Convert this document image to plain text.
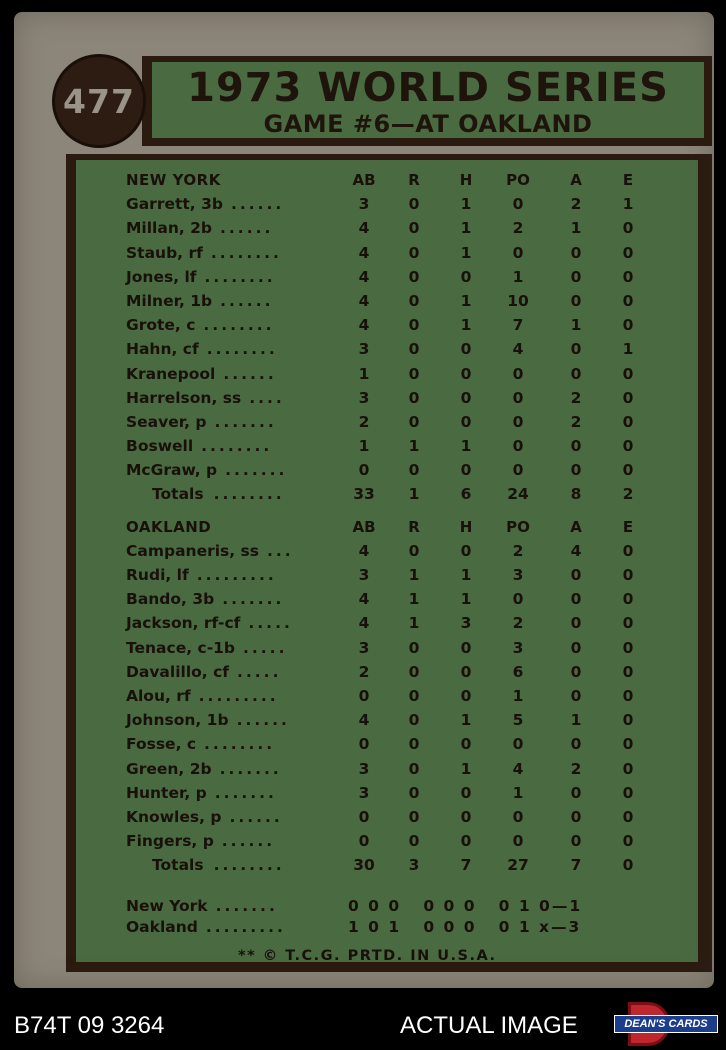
477 1973 WORLD SERIES
GAME #6—AT OAKLAND
NEW YORK	AB	R	H	PO	A	E
Garrett, 3b ......	3	0	1	0	2	1
Millan, 2b ......	4	0	1	2	1	0
Staub, rf ........	4	0	1	0	0	0
Jones, lf ........	4	0	0	1	0	0
Milner, 1b ......	4	0	1	10	0	0
Grote, c ........	4	0	1	7	1	0
Hahn, cf ........	3	0	0	4	0	1
Kranepool ......	1	0	0	0	0	0
Harrelson, ss ....	3	0	0	0	2	0
Seaver, p .......	2	0	0	0	2	0
Boswell ........	1	1	1	0	0	0
McGraw, p .......	0	0	0	0	0	0
Totals ........	33	1	6	24	8	2
OAKLAND	AB	R	H	PO	A	E
Campaneris, ss ...	4	0	0	2	4	0
Rudi, lf .........	3	1	1	3	0	0
Bando, 3b .......	4	1	1	0	0	0
Jackson, rf-cf .....	4	1	3	2	0	0
Tenace, c-1b .....	3	0	0	3	0	0
Davalillo, cf .....	2	0	0	6	0	0
Alou, rf .........	0	0	0	1	0	0
Johnson, 1b ......	4	0	1	5	1	0
Fosse, c ........	0	0	0	0	0	0
Green, 2b .......	3	0	1	4	2	0
Hunter, p .......	3	0	0	1	0	0
Knowles, p ......	0	0	0	0	0	0
Fingers, p ......	0	0	0	0	0	0
Totals ........	30	3	7	27	7	0
New York .......	0 0 0   0 0 0   0 1 0—1
Oakland .........	1 0 1   0 0 0   0 1 x—3
** © T.C.G. PRTD. IN U.S.A.
B74T 09 3264	ACTUAL IMAGE	DEAN'S CARDS
